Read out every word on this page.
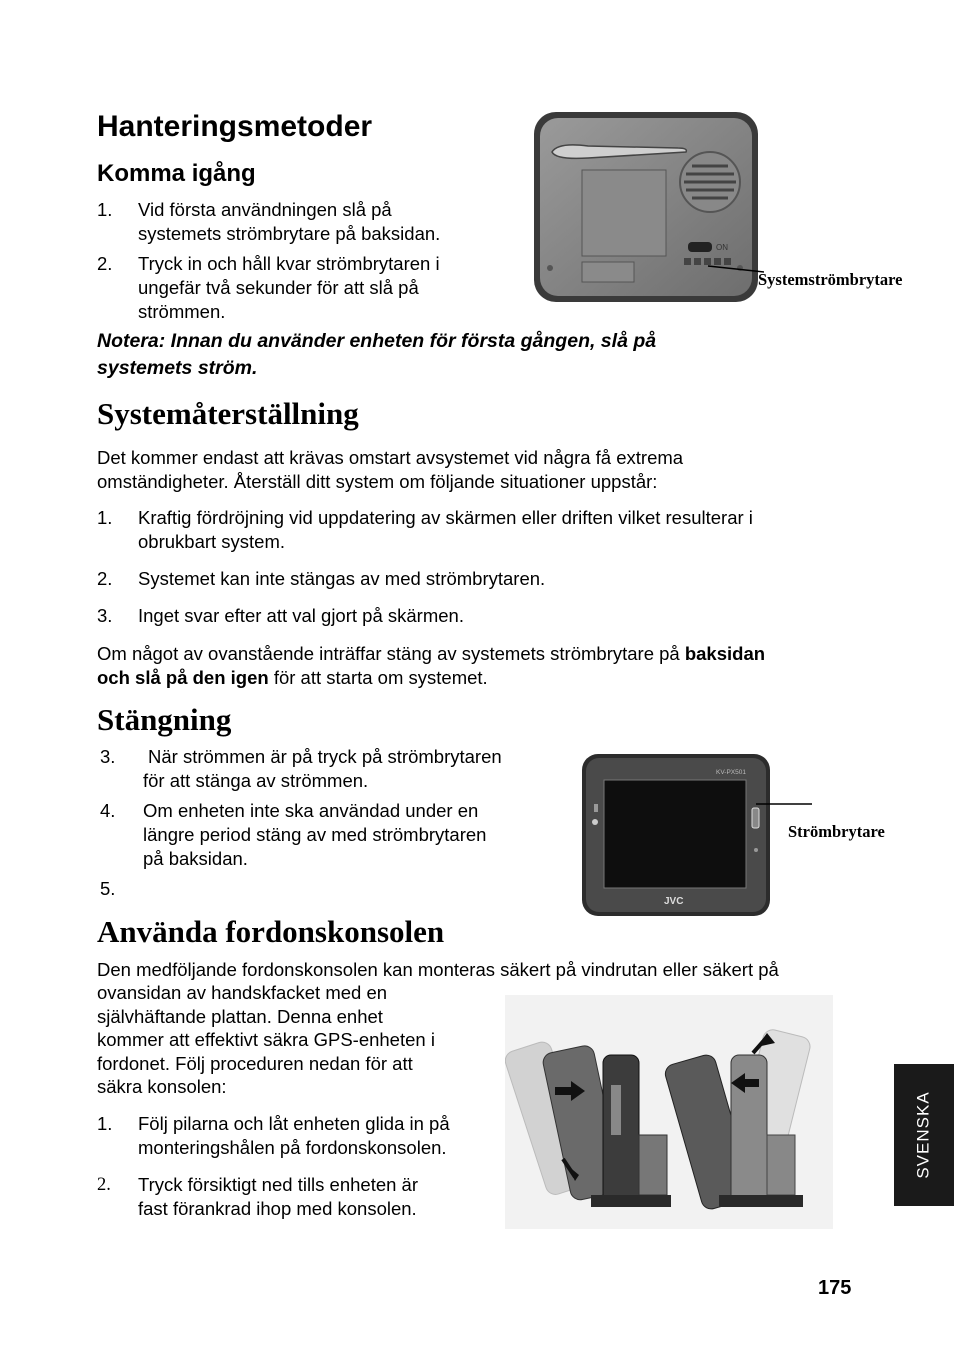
Hanteringsmetoder
Komma igång
1. Vid första användningen slå på
systemets strömbrytare på baksidan.
2. Tryck in och håll kvar strömbrytaren i
ungefär två sekunder för att slå på
strömmen.
ON
Systemströmbrytare
Notera: Innan du använder enheten för första gången, slå på
systemets ström.
Systemåterställning
Det kommer endast att krävas omstart avsystemet vid några få extrema
omständigheter. Återställ ditt system om följande situationer uppstår:
1. Kraftig fördröjning vid uppdatering av skärmen eller driften vilket resulterar i
obrukbart system.
2. Systemet kan inte stängas av med strömbrytaren.
3. Inget svar efter att val gjort på skärmen.
Om något av ovanstående inträffar stäng av systemets strömbrytare på baksidan
och slå på den igen för att starta om systemet.
Stängning
3. När strömmen är på tryck på strömbrytaren
för att stänga av strömmen.
4. Om enheten inte ska användad under en
längre period stäng av med strömbrytaren
på baksidan.
5.
KV-PX501
JVC
Strömbrytare
Använda fordonskonsolen
Den medföljande fordonskonsolen kan monteras säkert på vindrutan eller säkert på
ovansidan av handskfacket med en
självhäftande plattan. Denna enhet
kommer att effektivt säkra GPS-enheten i
fordonet. Följ proceduren nedan för att
säkra konsolen:
1. Följ pilarna och låt enheten glida in på
monteringshålen på fordonskonsolen.
2. Tryck försiktigt ned tills enheten är
fast förankrad ihop med konsolen.
SVENSKA
175
